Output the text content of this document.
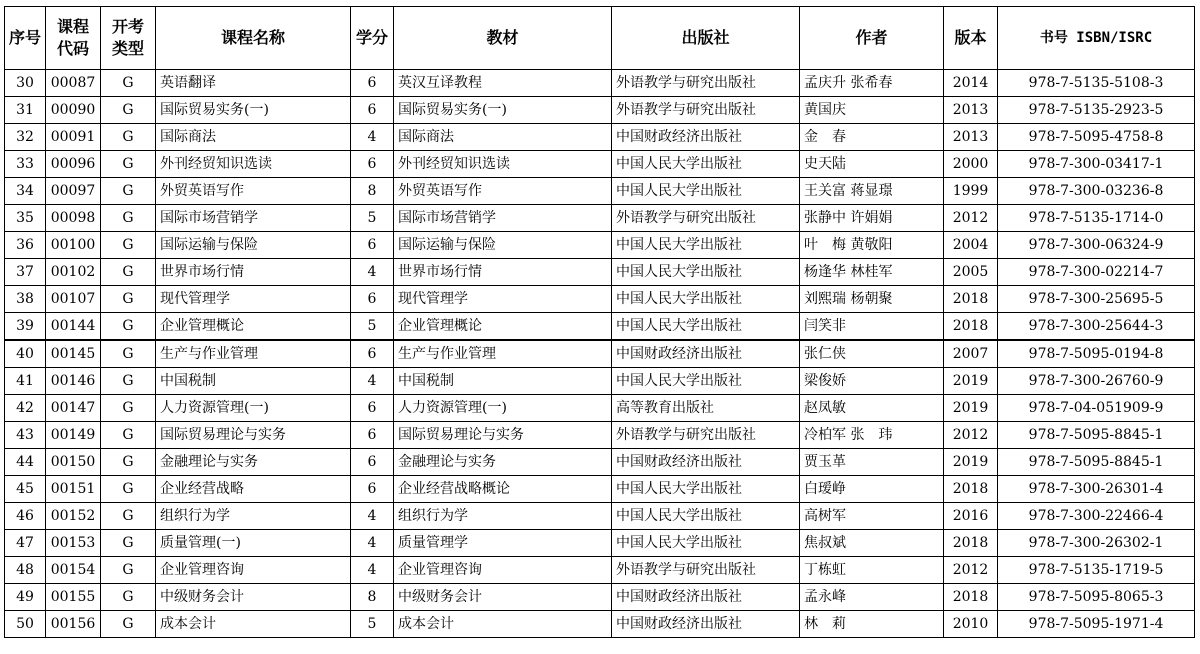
序号	课程代码	开考类型	课程名称	学分	教材	出版社	作者	版本	书号 ISBN/ISRC
30	00087	G	英语翻译	6	英汉互译教程	外语教学与研究出版社	孟庆升 张希春	2014	978-7-5135-5108-3
31	00090	G	国际贸易实务(一)	6	国际贸易实务(一)	外语教学与研究出版社	黄国庆	2013	978-7-5135-2923-5
32	00091	G	国际商法	4	国际商法	中国财政经济出版社	金　春	2013	978-7-5095-4758-8
33	00096	G	外刊经贸知识选读	6	外刊经贸知识选读	中国人民大学出版社	史天陆	2000	978-7-300-03417-1
34	00097	G	外贸英语写作	8	外贸英语写作	中国人民大学出版社	王关富 蒋显璟	1999	978-7-300-03236-8
35	00098	G	国际市场营销学	5	国际市场营销学	外语教学与研究出版社	张静中 许娟娟	2012	978-7-5135-1714-0
36	00100	G	国际运输与保险	6	国际运输与保险	中国人民大学出版社	叶　梅 黄敬阳	2004	978-7-300-06324-9
37	00102	G	世界市场行情	4	世界市场行情	中国人民大学出版社	杨逢华 林桂军	2005	978-7-300-02214-7
38	00107	G	现代管理学	6	现代管理学	中国人民大学出版社	刘熙瑞 杨朝聚	2018	978-7-300-25695-5
39	00144	G	企业管理概论	5	企业管理概论	中国人民大学出版社	闫笑非	2018	978-7-300-25644-3
40	00145	G	生产与作业管理	6	生产与作业管理	中国财政经济出版社	张仁侠	2007	978-7-5095-0194-8
41	00146	G	中国税制	4	中国税制	中国人民大学出版社	梁俊娇	2019	978-7-300-26760-9
42	00147	G	人力资源管理(一)	6	人力资源管理(一)	高等教育出版社	赵凤敏	2019	978-7-04-051909-9
43	00149	G	国际贸易理论与实务	6	国际贸易理论与实务	外语教学与研究出版社	冷柏军 张　玮	2012	978-7-5095-8845-1
44	00150	G	金融理论与实务	6	金融理论与实务	中国财政经济出版社	贾玉革	2019	978-7-5095-8845-1
45	00151	G	企业经营战略	6	企业经营战略概论	中国人民大学出版社	白瑷峥	2018	978-7-300-26301-4
46	00152	G	组织行为学	4	组织行为学	中国人民大学出版社	高树军	2016	978-7-300-22466-4
47	00153	G	质量管理(一)	4	质量管理学	中国人民大学出版社	焦叔斌	2018	978-7-300-26302-1
48	00154	G	企业管理咨询	4	企业管理咨询	外语教学与研究出版社	丁栋虹	2012	978-7-5135-1719-5
49	00155	G	中级财务会计	8	中级财务会计	中国财政经济出版社	孟永峰	2018	978-7-5095-8065-3
50	00156	G	成本会计	5	成本会计	中国财政经济出版社	林　莉	2010	978-7-5095-1971-4
